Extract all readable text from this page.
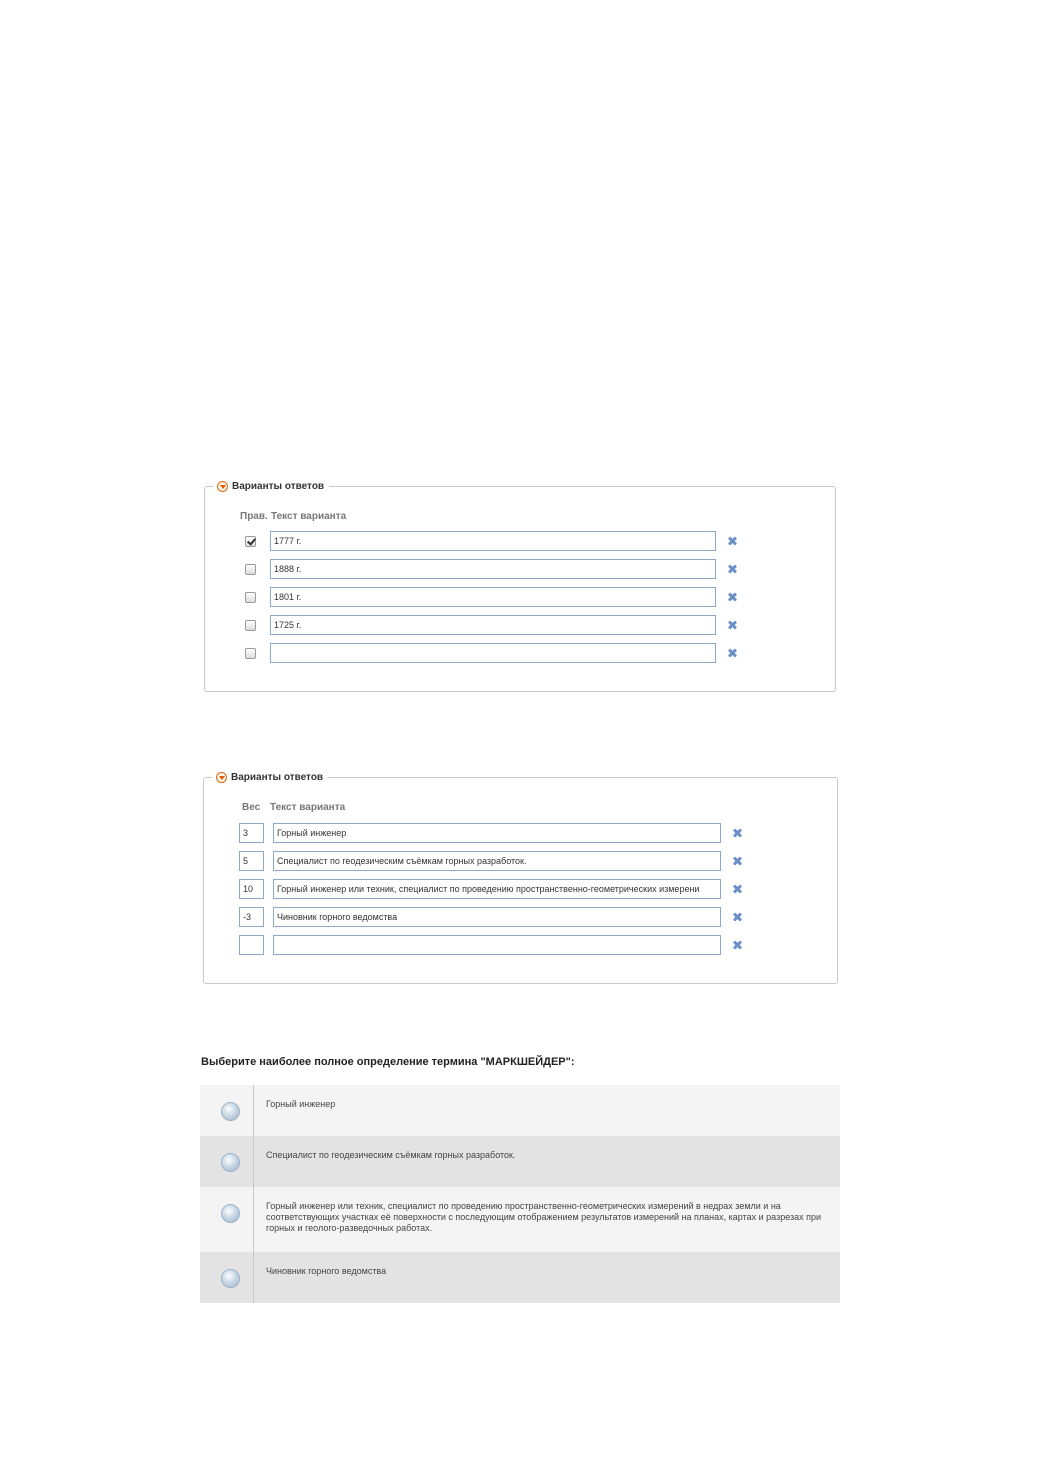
Варианты ответов
Прав. Текст варианта
1777 г.
1888 г.
1801 г.
1725 г.
Варианты ответов
Вес Текст варианта
3	Горный инженер
5	Специалист по геодезическим съёмкам горных разработок.
10	Горный инженер или техник, специалист по проведению пространственно-геометрических измерени
-3	Чиновник горного ведомства
Выберите наиболее полное определение термина "МАРКШЕЙДЕР":
Горный инженер
Специалист по геодезическим съёмкам горных разработок.
Горный инженер или техник, специалист по проведению пространственно-геометрических измерений в недрах земли и на соответствующих участках её поверхности с последующим отображением результатов измерений на планах, картах и разрезах при горных и геолого-разведочных работах.
Чиновник горного ведомства
